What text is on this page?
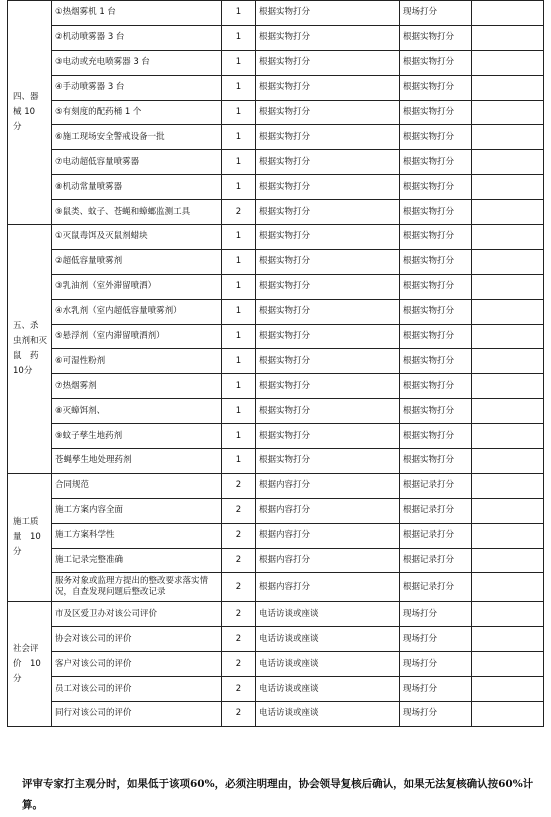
四、器
械 10
分	①热烟雾机 1 台	1	根据实物打分	现场打分	
	②机动喷雾器 3 台	1	根据实物打分	根据实物打分	
	③电动或充电喷雾器 3 台	1	根据实物打分	根据实物打分	
	④手动喷雾器 3 台	1	根据实物打分	根据实物打分	
	⑤有刻度的配药桶 1 个	1	根据实物打分	根据实物打分	
	⑥施工现场安全警戒设备一批	1	根据实物打分	根据实物打分	
	⑦电动超低容量喷雾器	1	根据实物打分	根据实物打分	
	⑧机动常量喷雾器	1	根据实物打分	根据实物打分	
	⑨鼠类、蚊子、苍蝇和蟑螂监测工具	2	根据实物打分	根据实物打分	

五、杀
虫剂和灭
鼠　药
10分	①灭鼠毒饵及灭鼠剂蜡块	1	根据实物打分	根据实物打分	
	②超低容量喷雾剂	1	根据实物打分	根据实物打分	
	③乳油剂（室外滞留喷洒）	1	根据实物打分	根据实物打分	
	④水乳剂（室内超低容量喷雾剂）	1	根据实物打分	根据实物打分	
	⑤悬浮剂（室内滞留喷洒剂）	1	根据实物打分	根据实物打分	
	⑥可湿性粉剂	1	根据实物打分	根据实物打分	
	⑦热烟雾剂	1	根据实物打分	根据实物打分	
	⑧灭蟑饵剂、	1	根据实物打分	根据实物打分	
	⑨蚊子孳生地药剂	1	根据实物打分	根据实物打分	
	苍蝇孳生地处理药剂	1	根据实物打分	根据实物打分	

施工质
量　10
分	合同规范	2	根据内容打分	根据记录打分	
	施工方案内容全面	2	根据内容打分	根据记录打分	
	施工方案科学性	2	根据内容打分	根据记录打分	
	施工记录完整准确	2	根据内容打分	根据记录打分	
	服务对象或监理方提出的整改要求落实情况，自查发现问题后整改记录	2	根据内容打分	根据记录打分	

社会评
价　10
分	市及区爱卫办对该公司评价	2	电话访谈或座谈	现场打分	
	协会对该公司的评价	2	电话访谈或座谈	现场打分	
	客户对该公司的评价	2	电话访谈或座谈	现场打分	
	员工对该公司的评价	2	电话访谈或座谈	现场打分	
	同行对该公司的评价	2	电话访谈或座谈	现场打分	
评审专家打主观分时，如果低于该项60%，必须注明理由，协会领导复核后确认，如果无法复核确认按60%计算。
